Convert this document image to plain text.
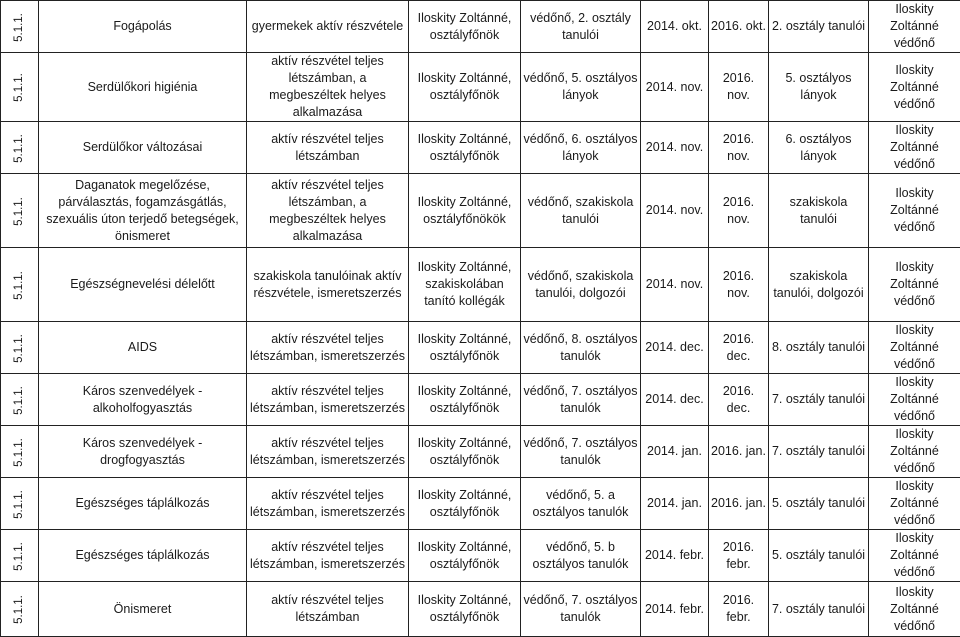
5.1.1.	Fogápolás	gyermekek aktív részvétele	Iloskity Zoltánné, osztályfőnök	védőnő, 2. osztály tanulói	2014. okt.	2016. okt.	2. osztály tanulói	Iloskity Zoltánné védőnő
5.1.1.	Serdülőkori higiénia	aktív részvétel teljes létszámban, a megbeszéltek helyes alkalmazása	Iloskity Zoltánné, osztályfőnök	védőnő, 5. osztályos lányok	2014. nov.	2016. nov.	5. osztályos lányok	Iloskity Zoltánné védőnő
5.1.1.	Serdülőkor változásai	aktív részvétel teljes létszámban	Iloskity Zoltánné, osztályfőnök	védőnő, 6. osztályos lányok	2014. nov.	2016. nov.	6. osztályos lányok	Iloskity Zoltánné védőnő
5.1.1.	Daganatok megelőzése, párválasztás, fogamzásgátlás, szexuális úton terjedő betegségek, önismeret	aktív részvétel teljes létszámban, a megbeszéltek helyes alkalmazása	Iloskity Zoltánné, osztályfőnökök	védőnő, szakiskola tanulói	2014. nov.	2016. nov.	szakiskola tanulói	Iloskity Zoltánné védőnő
5.1.1.	Egészségnevelési délelőtt	szakiskola tanulóinak aktív részvétele, ismeretszerzés	Iloskity Zoltánné, szakiskolában tanító kollégák	védőnő, szakiskola tanulói, dolgozói	2014. nov.	2016. nov.	szakiskola tanulói, dolgozói	Iloskity Zoltánné védőnő
5.1.1.	AIDS	aktív részvétel teljes létszámban, ismeretszerzés	Iloskity Zoltánné, osztályfőnök	védőnő, 8. osztályos tanulók	2014. dec.	2016. dec.	8. osztály tanulói	Iloskity Zoltánné védőnő
5.1.1.	Káros szenvedélyek - alkoholfogyasztás	aktív részvétel teljes létszámban, ismeretszerzés	Iloskity Zoltánné, osztályfőnök	védőnő, 7. osztályos tanulók	2014. dec.	2016. dec.	7. osztály tanulói	Iloskity Zoltánné védőnő
5.1.1.	Káros szenvedélyek - drogfogyasztás	aktív részvétel teljes létszámban, ismeretszerzés	Iloskity Zoltánné, osztályfőnök	védőnő, 7. osztályos tanulók	2014. jan.	2016. jan.	7. osztály tanulói	Iloskity Zoltánné védőnő
5.1.1.	Egészséges táplálkozás	aktív részvétel teljes létszámban, ismeretszerzés	Iloskity Zoltánné, osztályfőnök	védőnő, 5. a osztályos tanulók	2014. jan.	2016. jan.	5. osztály tanulói	Iloskity Zoltánné védőnő
5.1.1.	Egészséges táplálkozás	aktív részvétel teljes létszámban, ismeretszerzés	Iloskity Zoltánné, osztályfőnök	védőnő, 5. b osztályos tanulók	2014. febr.	2016. febr.	5. osztály tanulói	Iloskity Zoltánné védőnő
5.1.1.	Önismeret	aktív részvétel teljes létszámban	Iloskity Zoltánné, osztályfőnök	védőnő, 7. osztályos tanulók	2014. febr.	2016. febr.	7. osztály tanulói	Iloskity Zoltánné védőnő
